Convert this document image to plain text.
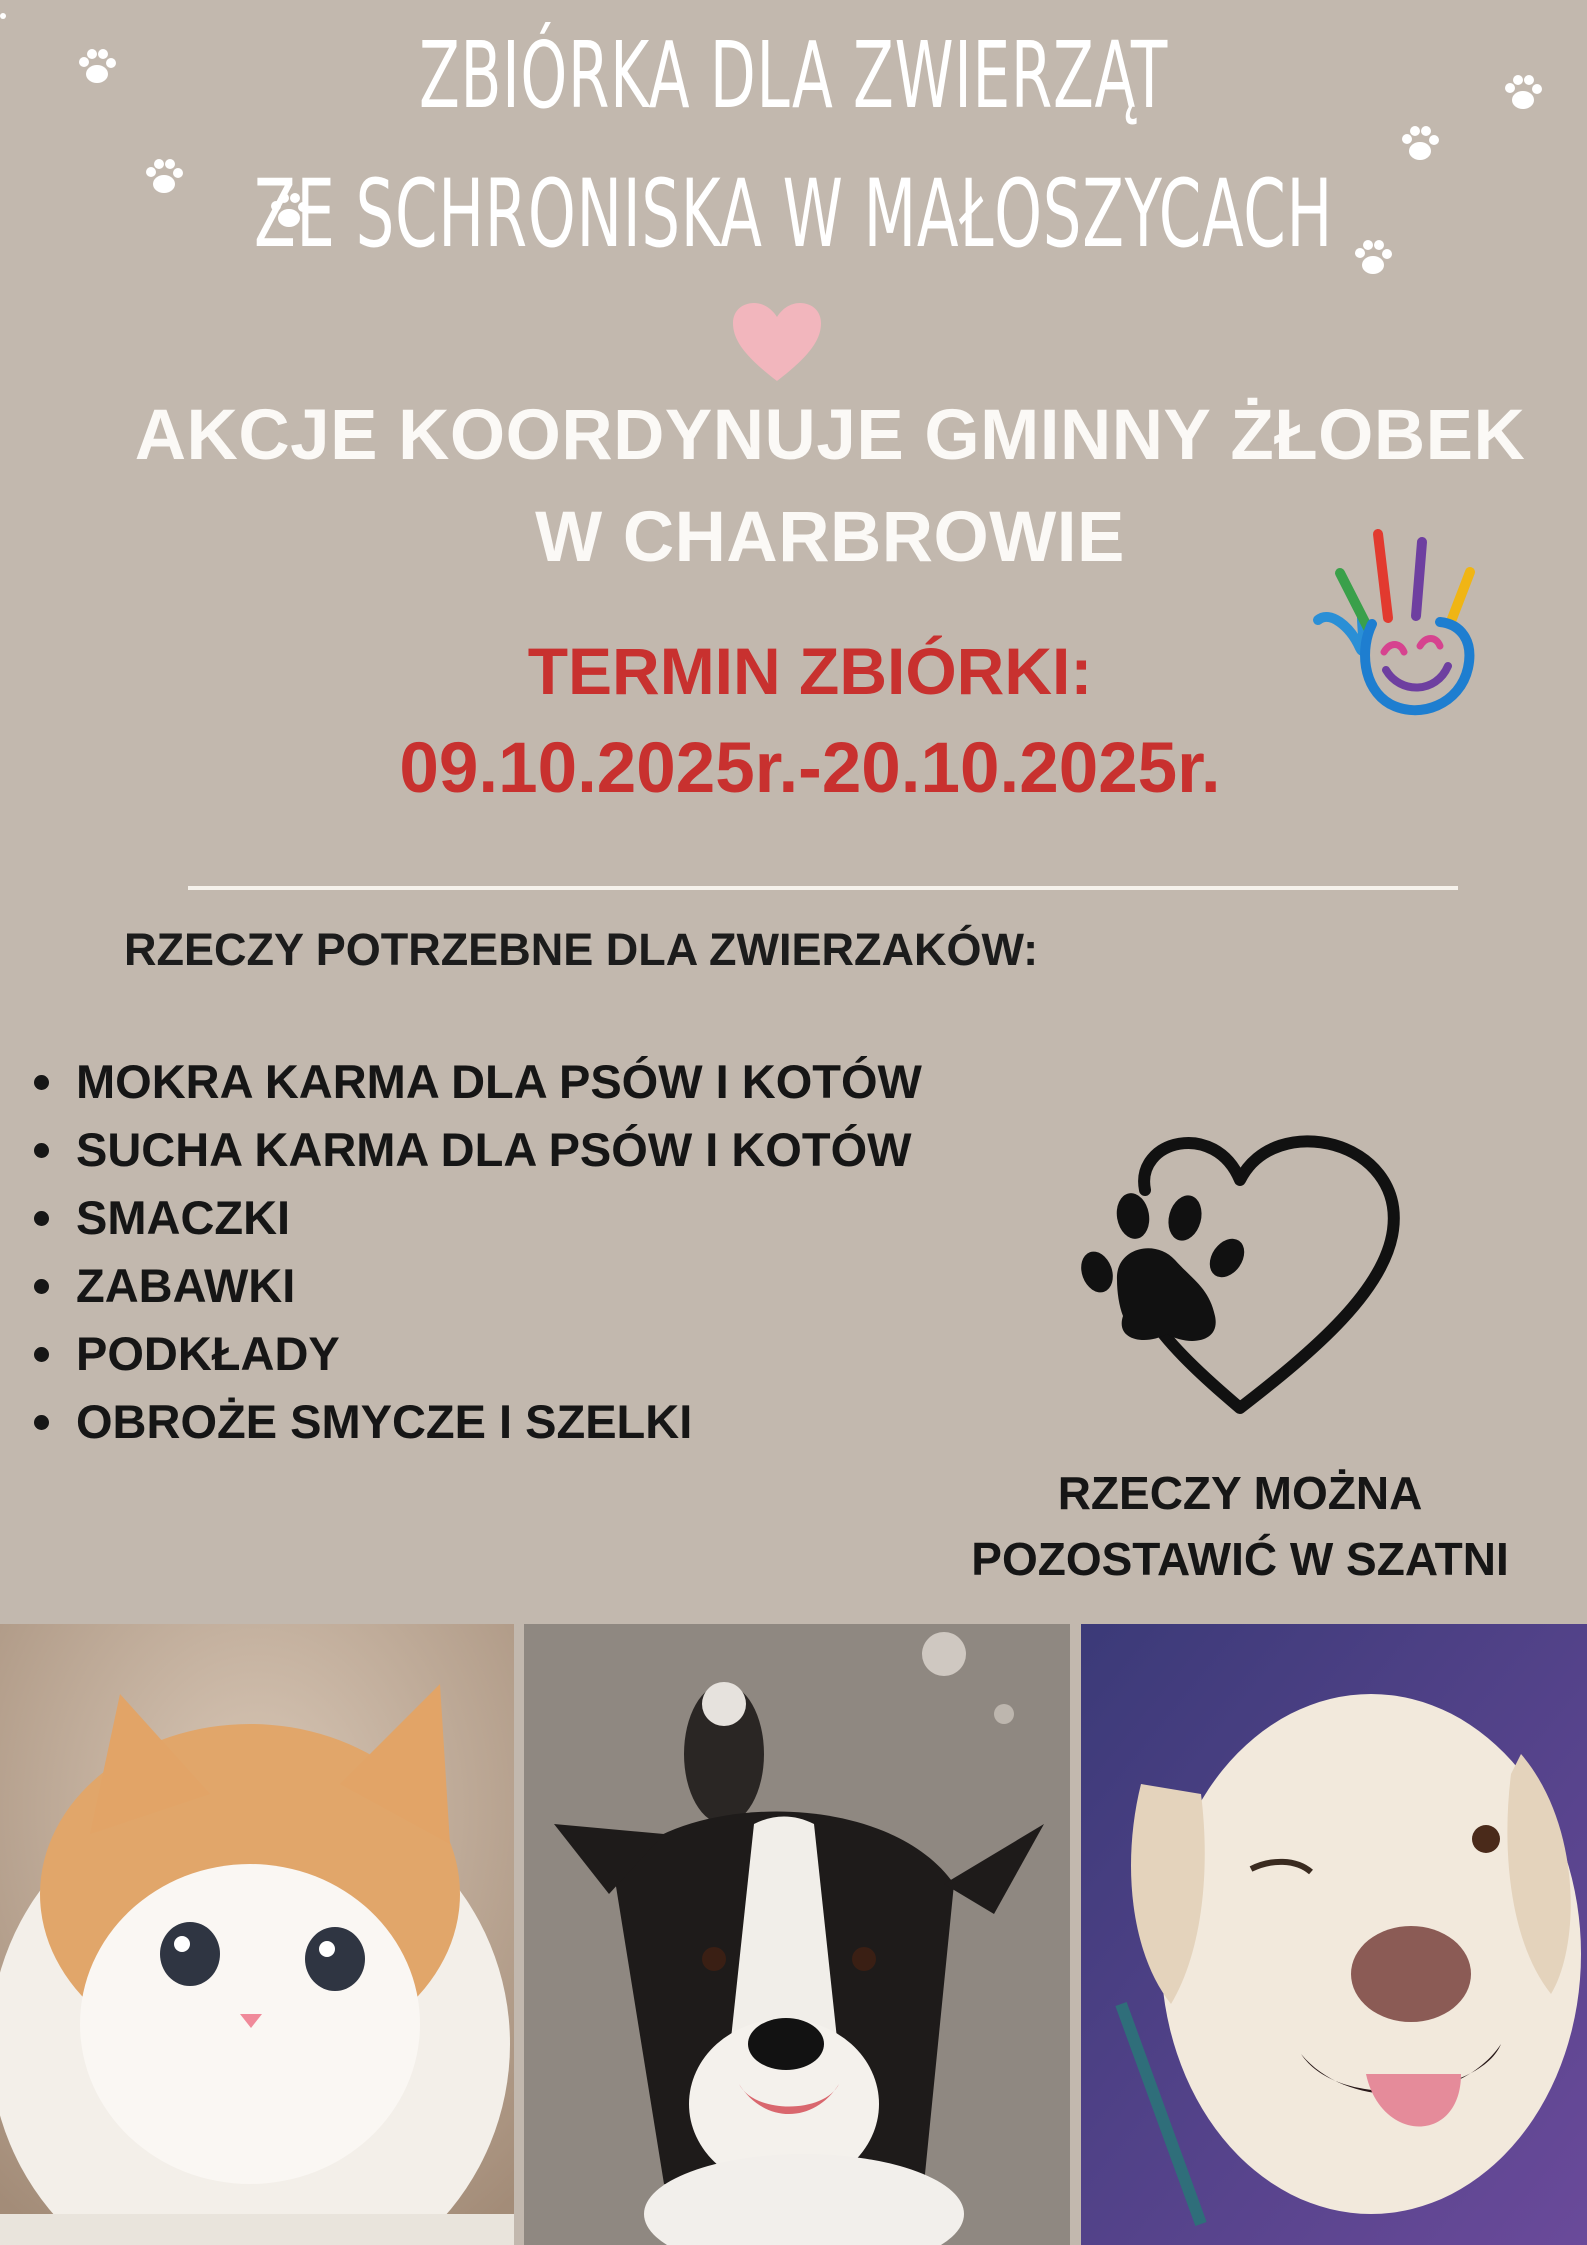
ZBIÓRKA DLA ZWIERZĄT
ZE SCHRONISKA W MAŁOSZYCACH
AKCJE KOORDYNUJE GMINNY ŻŁOBEK
W CHARBROWIE
TERMIN ZBIÓRKI:
09.10.2025r.-20.10.2025r.
RZECZY POTRZEBNE DLA ZWIERZAKÓW:
MOKRA KARMA DLA PSÓW I KOTÓW
SUCHA KARMA DLA PSÓW I KOTÓW
SMACZKI
ZABAWKI
PODKŁADY
OBROŻE SMYCZE I SZELKI
RZECZY MOŻNA
POZOSTAWIĆ W SZATNI
